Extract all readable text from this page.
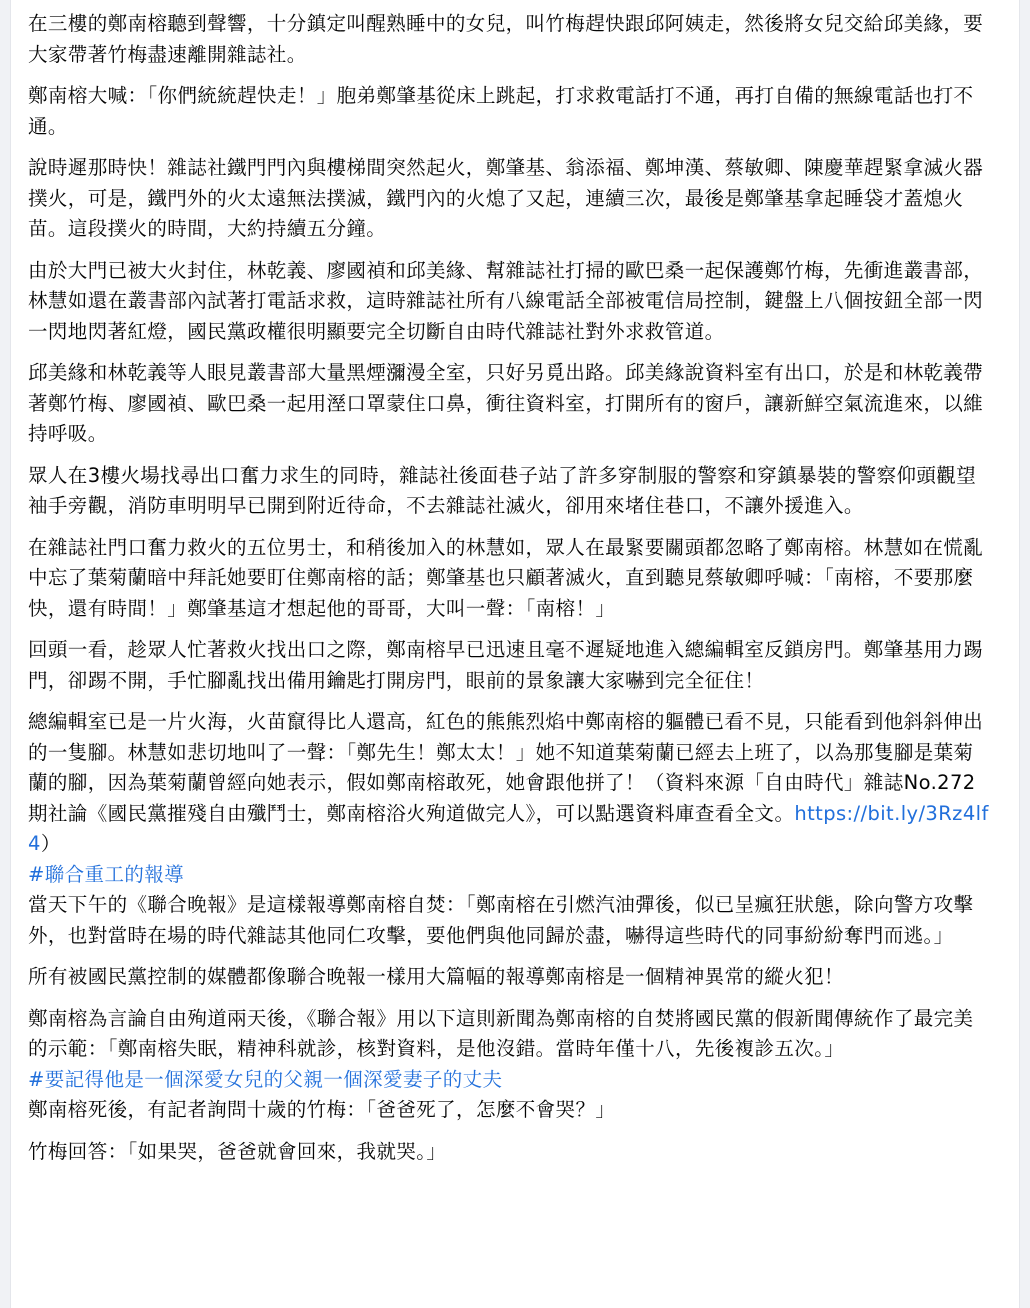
在三樓的鄭南榕聽到聲響，十分鎮定叫醒熟睡中的女兒，叫竹梅趕快跟邱阿姨走，然後將女兒交給邱美緣，要大家帶著竹梅盡速離開雜誌社。

鄭南榕大喊：「你們統統趕快走！」胞弟鄭肇基從床上跳起，打求救電話打不通，再打自備的無線電話也打不通。

說時遲那時快！雜誌社鐵門門內與樓梯間突然起火，鄭肇基、翁添福、鄭坤漢、蔡敏卿、陳慶華趕緊拿滅火器撲火，可是，鐵門外的火太遠無法撲滅，鐵門內的火熄了又起，連續三次，最後是鄭肇基拿起睡袋才蓋熄火苗。這段撲火的時間，大約持續五分鐘。

由於大門已被大火封住，林乾義、廖國禎和邱美緣、幫雜誌社打掃的歐巴桑一起保護鄭竹梅，先衝進叢書部，林慧如還在叢書部內試著打電話求救，這時雜誌社所有八線電話全部被電信局控制，鍵盤上八個按鈕全部一閃一閃地閃著紅燈，國民黨政權很明顯要完全切斷自由時代雜誌社對外求救管道。

邱美緣和林乾義等人眼見叢書部大量黑煙瀰漫全室，只好另覓出路。邱美緣說資料室有出口，於是和林乾義帶著鄭竹梅、廖國禎、歐巴桑一起用溼口罩蒙住口鼻，衝往資料室，打開所有的窗戶，讓新鮮空氣流進來，以維持呼吸。

眾人在3樓火場找尋出口奮力求生的同時，雜誌社後面巷子站了許多穿制服的警察和穿鎮暴裝的警察仰頭觀望袖手旁觀，消防車明明早已開到附近待命，不去雜誌社滅火，卻用來堵住巷口，不讓外援進入。

在雜誌社門口奮力救火的五位男士，和稍後加入的林慧如，眾人在最緊要關頭都忽略了鄭南榕。林慧如在慌亂中忘了葉菊蘭暗中拜託她要盯住鄭南榕的話；鄭肇基也只顧著滅火，直到聽見蔡敏卿呼喊：「南榕，不要那麼快，還有時間！」鄭肇基這才想起他的哥哥，大叫一聲：「南榕！」

回頭一看，趁眾人忙著救火找出口之際，鄭南榕早已迅速且毫不遲疑地進入總編輯室反鎖房門。鄭肇基用力踢門，卻踢不開，手忙腳亂找出備用鑰匙打開房門，眼前的景象讓大家嚇到完全征住！

總編輯室已是一片火海，火苗竄得比人還高，紅色的熊熊烈焰中鄭南榕的軀體已看不見，只能看到他斜斜伸出的一隻腳。林慧如悲切地叫了一聲：「鄭先生！鄭太太！」她不知道葉菊蘭已經去上班了，以為那隻腳是葉菊蘭的腳，因為葉菊蘭曾經向她表示，假如鄭南榕敢死，她會跟他拼了！（資料來源「自由時代」雜誌No.272期社論《國民黨摧殘自由殲鬥士，鄭南榕浴火殉道做完人》，可以點選資料庫查看全文。https://bit.ly/3Rz4lf4）

#聯合重工的報導

當天下午的《聯合晚報》是這樣報導鄭南榕自焚：「鄭南榕在引燃汽油彈後，似已呈瘋狂狀態，除向警方攻擊外，也對當時在場的時代雜誌其他同仁攻擊，要他們與他同歸於盡，嚇得這些時代的同事紛紛奪門而逃。」

所有被國民黨控制的媒體都像聯合晚報一樣用大篇幅的報導鄭南榕是一個精神異常的縱火犯！

鄭南榕為言論自由殉道兩天後，《聯合報》用以下這則新聞為鄭南榕的自焚將國民黨的假新聞傳統作了最完美的示範：「鄭南榕失眠，精神科就診，核對資料，是他沒錯。當時年僅十八，先後複診五次。」

#要記得他是一個深愛女兒的父親一個深愛妻子的丈夫

鄭南榕死後，有記者詢問十歲的竹梅：「爸爸死了，怎麼不會哭？」

竹梅回答：「如果哭，爸爸就會回來，我就哭。」
